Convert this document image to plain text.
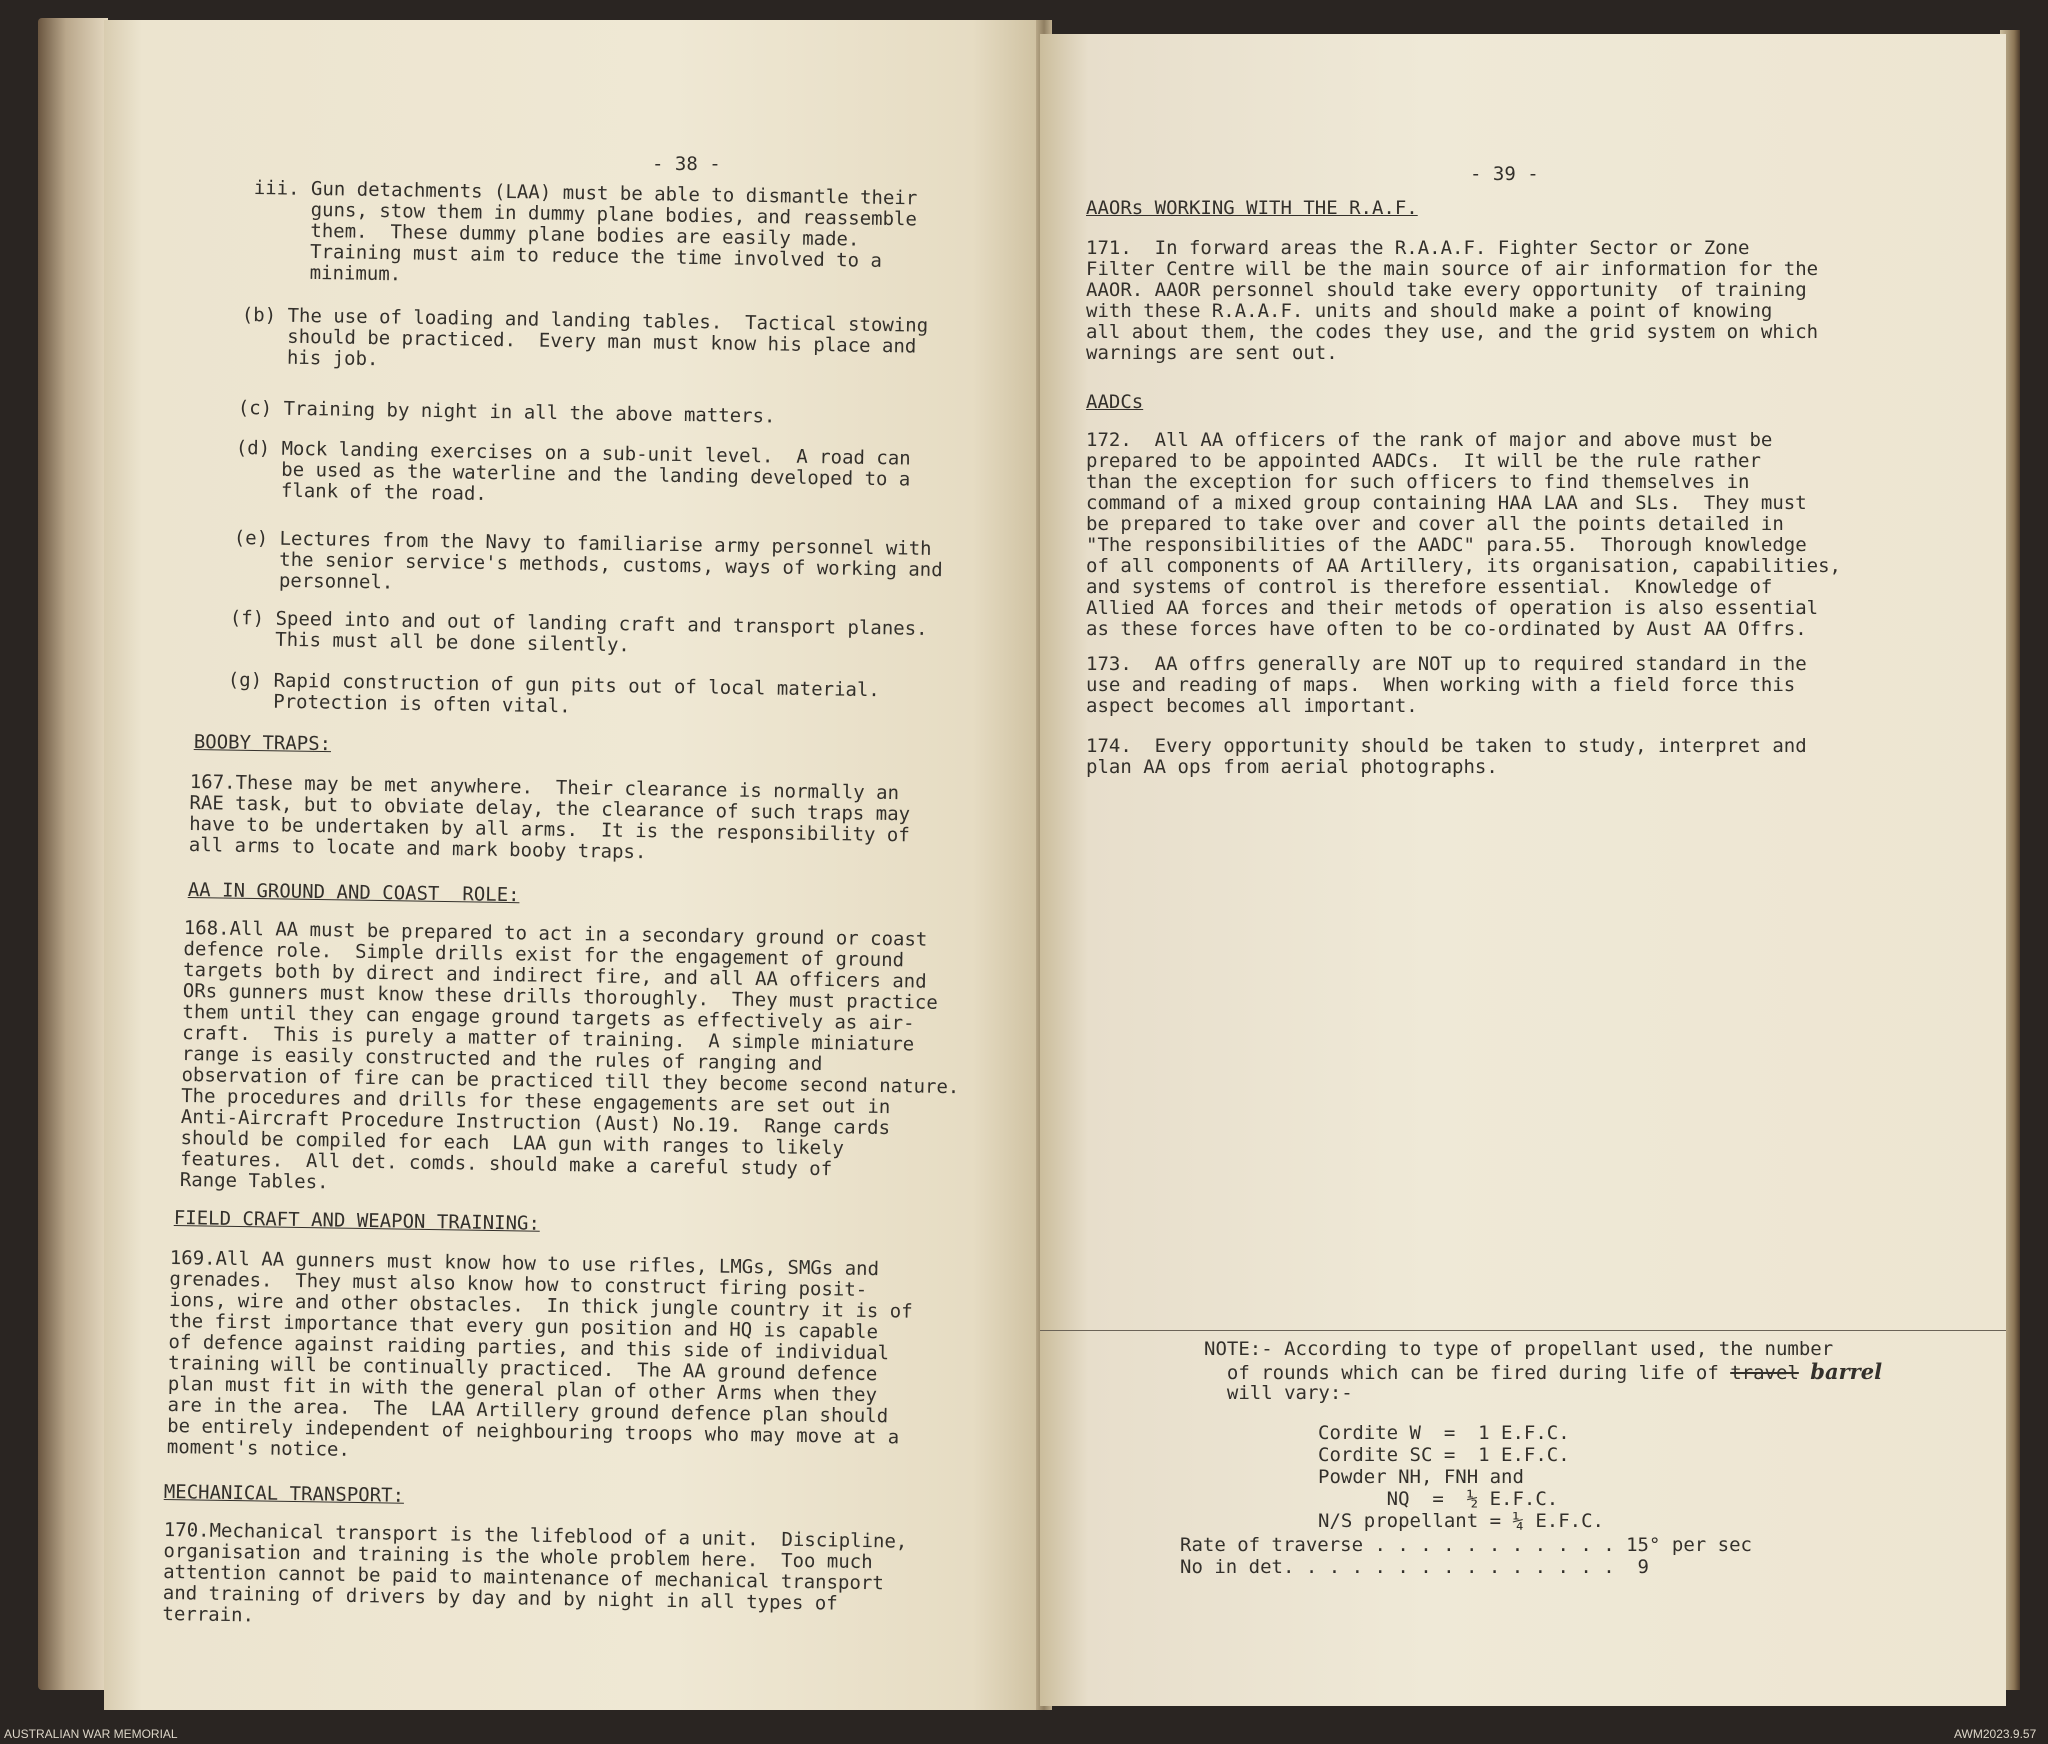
- 38 -
iii. Gun detachments (LAA) must be able to dismantle their
guns, stow them in dummy plane bodies, and reassemble
them.  These dummy plane bodies are easily made.
Training must aim to reduce the time involved to a
minimum.
(b) The use of loading and landing tables.  Tactical stowing
should be practiced.  Every man must know his place and
his job.
(c) Training by night in all the above matters.
(d) Mock landing exercises on a sub-unit level.  A road can
be used as the waterline and the landing developed to a
flank of the road.
(e) Lectures from the Navy to familiarise army personnel with
the senior service's methods, customs, ways of working and
personnel.
(f) Speed into and out of landing craft and transport planes.
This must all be done silently.
(g) Rapid construction of gun pits out of local material.
Protection is often vital.
BOOBY TRAPS:
167.These may be met anywhere.  Their clearance is normally an
RAE task, but to obviate delay, the clearance of such traps may
have to be undertaken by all arms.  It is the responsibility of
all arms to locate and mark booby traps.
AA IN GROUND AND COAST  ROLE:
168.All AA must be prepared to act in a secondary ground or coast
defence role.  Simple drills exist for the engagement of ground
targets both by direct and indirect fire, and all AA officers and
ORs gunners must know these drills thoroughly.  They must practice
them until they can engage ground targets as effectively as air-
craft.  This is purely a matter of training.  A simple miniature
range is easily constructed and the rules of ranging and
observation of fire can be practiced till they become second nature.
The procedures and drills for these engagements are set out in
Anti-Aircraft Procedure Instruction (Aust) No.19.  Range cards
should be compiled for each  LAA gun with ranges to likely
features.  All det. comds. should make a careful study of
Range Tables.
FIELD CRAFT AND WEAPON TRAINING:
169.All AA gunners must know how to use rifles, LMGs, SMGs and
grenades.  They must also know how to construct firing posit-
ions, wire and other obstacles.  In thick jungle country it is of
the first importance that every gun position and HQ is capable
of defence against raiding parties, and this side of individual
training will be continually practiced.  The AA ground defence
plan must fit in with the general plan of other Arms when they
are in the area.  The  LAA Artillery ground defence plan should
be entirely independent of neighbouring troops who may move at a
moment's notice.
MECHANICAL TRANSPORT:
170.Mechanical transport is the lifeblood of a unit.  Discipline,
organisation and training is the whole problem here.  Too much
attention cannot be paid to maintenance of mechanical transport
and training of drivers by day and by night in all types of
terrain.
- 39 -
AAORs WORKING WITH THE R.A.F.
171.  In forward areas the R.A.A.F. Fighter Sector or Zone
Filter Centre will be the main source of air information for the
AAOR. AAOR personnel should take every opportunity  of training
with these R.A.A.F. units and should make a point of knowing
all about them, the codes they use, and the grid system on which
warnings are sent out.
AADCs
172.  All AA officers of the rank of major and above must be
prepared to be appointed AADCs.  It will be the rule rather
than the exception for such officers to find themselves in
command of a mixed group containing HAA LAA and SLs.  They must
be prepared to take over and cover all the points detailed in
"The responsibilities of the AADC" para.55.  Thorough knowledge
of all components of AA Artillery, its organisation, capabilities,
and systems of control is therefore essential.  Knowledge of
Allied AA forces and their metods of operation is also essential
as these forces have often to be co-ordinated by Aust AA Offrs.
173.  AA offrs generally are NOT up to required standard in the
use and reading of maps.  When working with a field force this
aspect becomes all important.
174.  Every opportunity should be taken to study, interpret and
plan AA ops from aerial photographs.
NOTE:- According to type of propellant used, the number
of rounds which can be fired during life of travel barrel
will vary:-
Cordite W  =  1 E.F.C.
Cordite SC =  1 E.F.C.
Powder NH, FNH and
NQ  =  ½ E.F.C.
N/S propellant = ¼ E.F.C.
Rate of traverse . . . . . . . . . . . 15° per sec
No in det. . . . . . . . . . . . . . .  9
AUSTRALIAN WAR MEMORIAL	AWM2023.9.57
